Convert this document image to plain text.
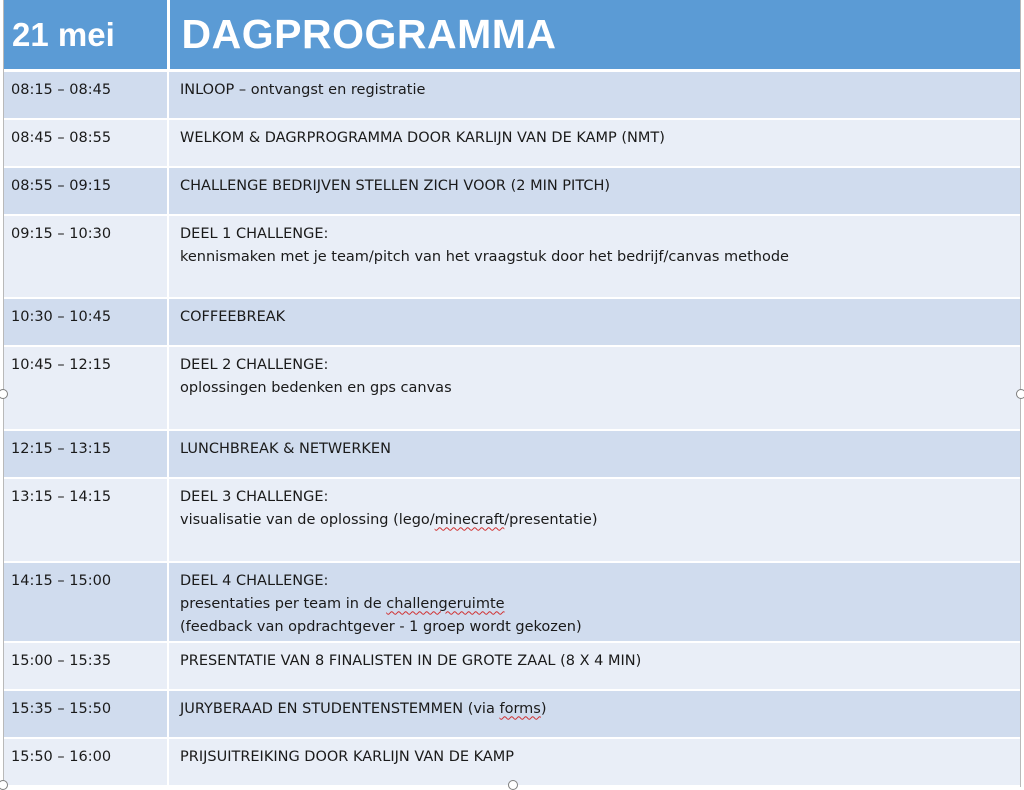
21 mei	DAGPROGRAMMA
08:15 – 08:45	INLOOP – ontvangst en registratie

08:45 – 08:55	WELKOM & DAGRPROGRAMMA DOOR KARLIJN VAN DE KAMP (NMT)

08:55 – 09:15	CHALLENGE BEDRIJVEN STELLEN ZICH VOOR (2 MIN PITCH)

09:15 – 10:30	DEEL 1 CHALLENGE:
kennismaken met je team/pitch van het vraagstuk door het bedrijf/canvas methode

10:30 – 10:45	COFFEEBREAK

10:45 – 12:15	DEEL 2 CHALLENGE:
oplossingen bedenken en gps canvas

12:15 – 13:15	LUNCHBREAK & NETWERKEN

13:15 – 14:15	DEEL 3 CHALLENGE:
visualisatie van de oplossing (lego/minecraft/presentatie)

14:15 – 15:00	DEEL 4 CHALLENGE:
presentaties per team in de challengeruimte
(feedback van opdrachtgever - 1 groep wordt gekozen)

15:00 – 15:35	PRESENTATIE VAN 8 FINALISTEN IN DE GROTE ZAAL (8 X 4 MIN)

15:35 – 15:50	JURYBERAAD EN STUDENTENSTEMMEN (via forms)

15:50 – 16:00	PRIJSUITREIKING DOOR KARLIJN VAN DE KAMP
